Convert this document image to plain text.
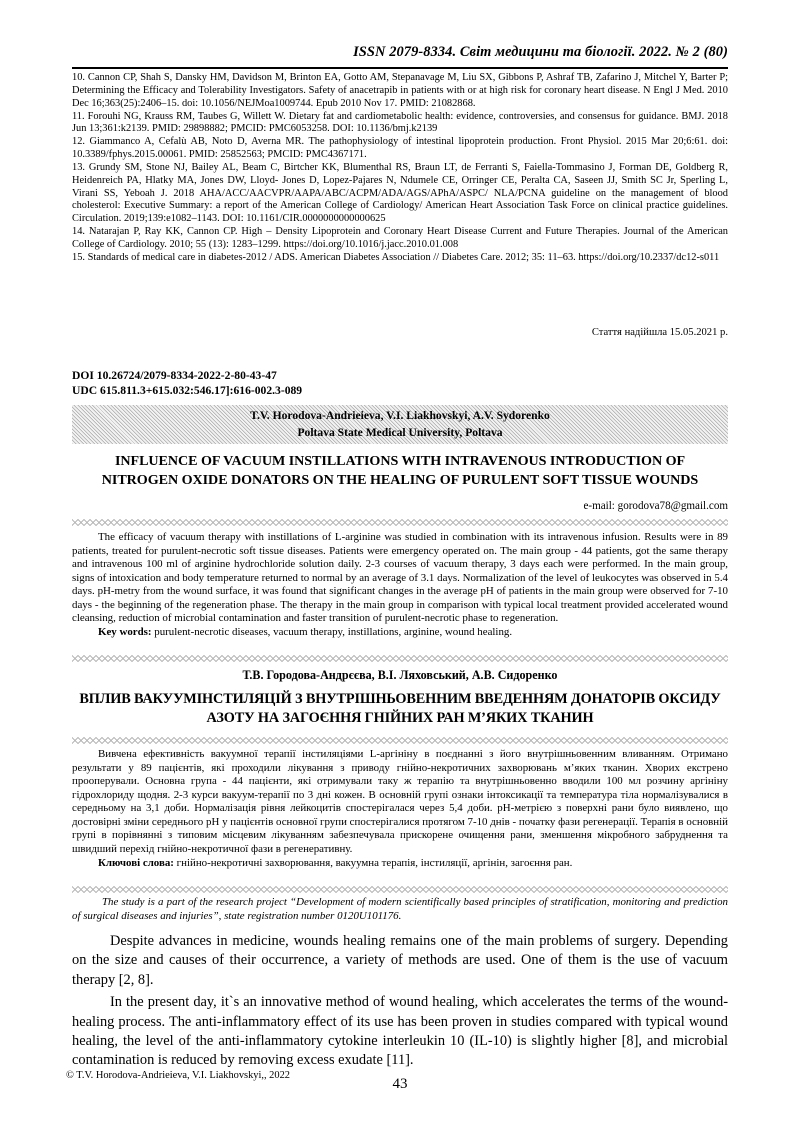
ISSN 2079-8334. Світ медицини та біології. 2022. № 2 (80)

10. Cannon CP, Shah S, Dansky HM, Davidson M, Brinton EA, Gotto AM, Stepanavage M, Liu SX, Gibbons P, Ashraf TB, Zafarino J, Mitchel Y, Barter P; Determining the Efficacy and Tolerability Investigators. Safety of anacetrapib in patients with or at high risk for coronary heart disease. N Engl J Med. 2010 Dec 16;363(25):2406–15. doi: 10.1056/NEJMoa1009744. Epub 2010 Nov 17. PMID: 21082868.

11. Forouhi NG, Krauss RM, Taubes G, Willett W. Dietary fat and cardiometabolic health: evidence, controversies, and consensus for guidance. BMJ. 2018 Jun 13;361:k2139. PMID: 29898882; PMCID: PMC6053258. DOI: 10.1136/bmj.k2139

12. Giammanco A, Cefalù AB, Noto D, Averna MR. The pathophysiology of intestinal lipoprotein production. Front Physiol. 2015 Mar 20;6:61. doi: 10.3389/fphys.2015.00061. PMID: 25852563; PMCID: PMC4367171.

13. Grundy SM, Stone NJ, Bailey AL, Beam C, Birtcher KK, Blumenthal RS, Braun LT, de Ferranti S, Faiella-Tommasino J, Forman DE, Goldberg R, Heidenreich PA, Hlatky MA, Jones DW, Lloyd- Jones D, Lopez-Pajares N, Ndumele CE, Orringer CE, Peralta CA, Saseen JJ, Smith SC Jr, Sperling L, Virani SS, Yeboah J. 2018 AHA/ACC/AACVPR/AAPA/ABC/ACPM/ADA/AGS/APhA/ASPC/ NLA/PCNA guideline on the management of blood cholesterol: Executive Summary: a report of the American College of Cardiology/ American Heart Association Task Force on clinical practice guidelines. Circulation. 2019;139:e1082–1143. DOI: 10.1161/CIR.0000000000000625

14. Natarajan P, Ray KK, Cannon CP. High – Density Lipoprotein and Coronary Heart Disease Current and Future Therapies. Journal of the American College of Cardiology. 2010; 55 (13): 1283–1299. https://doi.org/10.1016/j.jacc.2010.01.008

15. Standards of medical care in diabetes-2012 / ADS. American Diabetes Association // Diabetes Care. 2012; 35: 11–63. https://doi.org/10.2337/dc12-s011

Стаття надійшла 15.05.2021 р.
DOI 10.26724/2079-8334-2022-2-80-43-47
UDC 615.811.3+615.032:546.17]:616-002.3-089
T.V. Horodova-Andrieieva, V.I. Liakhovskyi, A.V. Sydorenko
Poltava State Medical University, Poltava
INFLUENCE OF VACUUM INSTILLATIONS WITH INTRAVENOUS INTRODUCTION OF NITROGEN OXIDE DONATORS ON THE HEALING OF PURULENT SOFT TISSUE WOUNDS
e-mail: gorodova78@gmail.com

The efficacy of vacuum therapy with instillations of L-arginine was studied in combination with its intravenous infusion. Results were in 89 patients, treated for purulent-necrotic soft tissue diseases. Patients were emergency operated on. The main group - 44 patients, got the same therapy and intravenous 100 ml of arginine hydrochloride solution daily. 2-3 courses of vacuum therapy, 3 days each were performed. In the main group, signs of intoxication and body temperature returned to normal by an average of 3.1 days. Normalization of the level of leukocytes was observed in 5.4 days. pH-metry from the wound surface, it was found that significant changes in the average pH of patients in the main group were observed for 7-10 days - the beginning of the regeneration phase. The therapy in the main group in comparison with typical local treatment provided accelerated wound cleansing, reduction of microbial contamination and faster transition of purulent-necrotic phase to regeneration.

Key words: purulent-necrotic diseases, vacuum therapy, instillations, arginine, wound healing.

Т.В. Городова-Андрєєва, В.І. Ляховський, А.В. Сидоренко
ВПЛИВ ВАКУУМІНСТИЛЯЦІЙ З ВНУТРІШНЬОВЕННИМ ВВЕДЕННЯМ ДОНАТОРІВ ОКСИДУ АЗОТУ НА ЗАГОЄННЯ ГНІЙНИХ РАН М’ЯКИХ ТКАНИН

Вивчена ефективність вакуумної терапії інстиляціями L-аргініну в поєднанні з його внутрішньовенним вливанням. Отримано результати у 89 пацієнтів, які проходили лікування з приводу гнійно-некротичних захворювань м’яких тканин. Хворих екстрено прооперували. Основна група - 44 пацієнти, які отримували таку ж терапію та внутрішньовенно вводили 100 мл розчину аргініну гідрохлориду щодня. 2-3 курси вакуум-терапії по 3 дні кожен. В основній групі ознаки інтоксикації та температура тіла нормалізувалися в середньому на 3,1 доби. Нормалізація рівня лейкоцитів спостерігалася через 5,4 доби. pH-метрією з поверхні рани було виявлено, що достовірні зміни середнього рН у пацієнтів основної групи спостерігалися протягом 7-10 днів - початку фази регенерації. Терапія в основній групі в порівнянні з типовим місцевим лікуванням забезпечувала прискорене очищення рани, зменшення мікробного забруднення та швидший перехід гнійно-некротичної фази в регенеративну.

Ключові слова: гнійно-некротичні захворювання, вакуумна терапія, інстиляції, аргінін, загоєння ран.

The study is a part of the research project “Development of modern scientifically based principles of stratification, monitoring and prediction of surgical diseases and injuries”, state registration number 0120U101176.

Despite advances in medicine, wounds healing remains one of the main problems of surgery. Depending on the size and causes of their occurrence, a variety of methods are used. One of them is the use of vacuum therapy [2, 8].

In the present day, it`s an innovative method of wound healing, which accelerates the terms of the wound-healing process. The anti-inflammatory effect of its use has been proven in studies compared with typical wound healing, the level of the anti-inflammatory cytokine interleukin 10 (IL-10) is slightly higher [8], and microbial contamination is reduced by removing excess exudate [11].

© T.V. Horodova-Andrieieva, V.I. Liakhovskyi,, 2022
43
